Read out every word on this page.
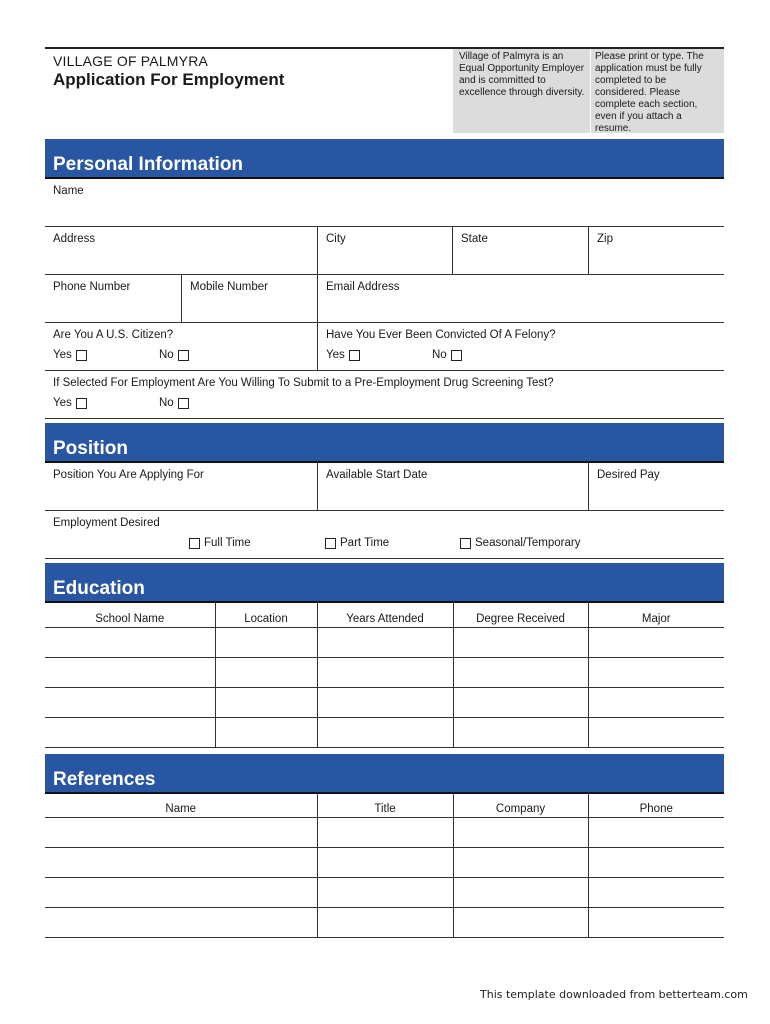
VILLAGE OF PALMYRA
Application For Employment
Village of Palmyra is an Equal Opportunity Employer and is committed to excellence through diversity.
Please print or type. The application must be fully completed to be considered. Please complete each section, even if you attach a resume.
Personal Information
Name
Address	City	State	Zip
Phone Number	Mobile Number	Email Address
Are You A U.S. Citizen?
Yes	No
Have You Ever Been Convicted Of A Felony?
Yes	No
If Selected For Employment Are You Willing To Submit to a Pre-Employment Drug Screening Test?
Yes	No
Position
Position You Are Applying For	Available Start Date	Desired Pay
Employment Desired
Full Time	Part Time	Seasonal/Temporary
Education
School Name	Location	Years Attended	Degree Received	Major

References
Name	Title	Company	Phone

This template downloaded from betterteam.com
